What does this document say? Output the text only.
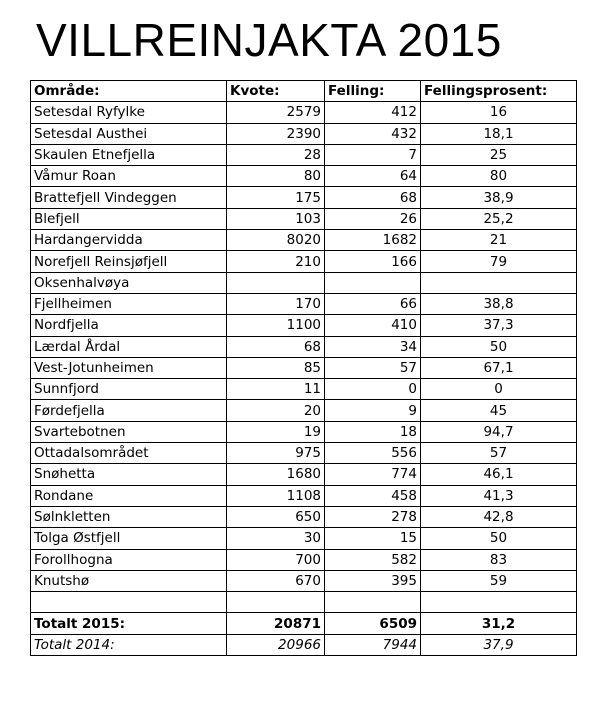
VILLREINJAKTA 2015
Område:	Kvote:	Felling:	Fellingsprosent:
Setesdal Ryfylke	2579	412	16
Setesdal Austhei	2390	432	18,1
Skaulen Etnefjella	28	7	25
Våmur Roan	80	64	80
Brattefjell Vindeggen	175	68	38,9
Blefjell	103	26	25,2
Hardangervidda	8020	1682	21
Norefjell Reinsjøfjell	210	166	79
Oksenhalvøya			
Fjellheimen	170	66	38,8
Nordfjella	1100	410	37,3
Lærdal Årdal	68	34	50
Vest-Jotunheimen	85	57	67,1
Sunnfjord	11	0	0
Førdefjella	20	9	45
Svartebotnen	19	18	94,7
Ottadalsområdet	975	556	57
Snøhetta	1680	774	46,1
Rondane	1108	458	41,3
Sølnkletten	650	278	42,8
Tolga Østfjell	30	15	50
Forollhogna	700	582	83
Knutshø	670	395	59

Totalt 2015:	20871	6509	31,2
Totalt 2014:	20966	7944	37,9
